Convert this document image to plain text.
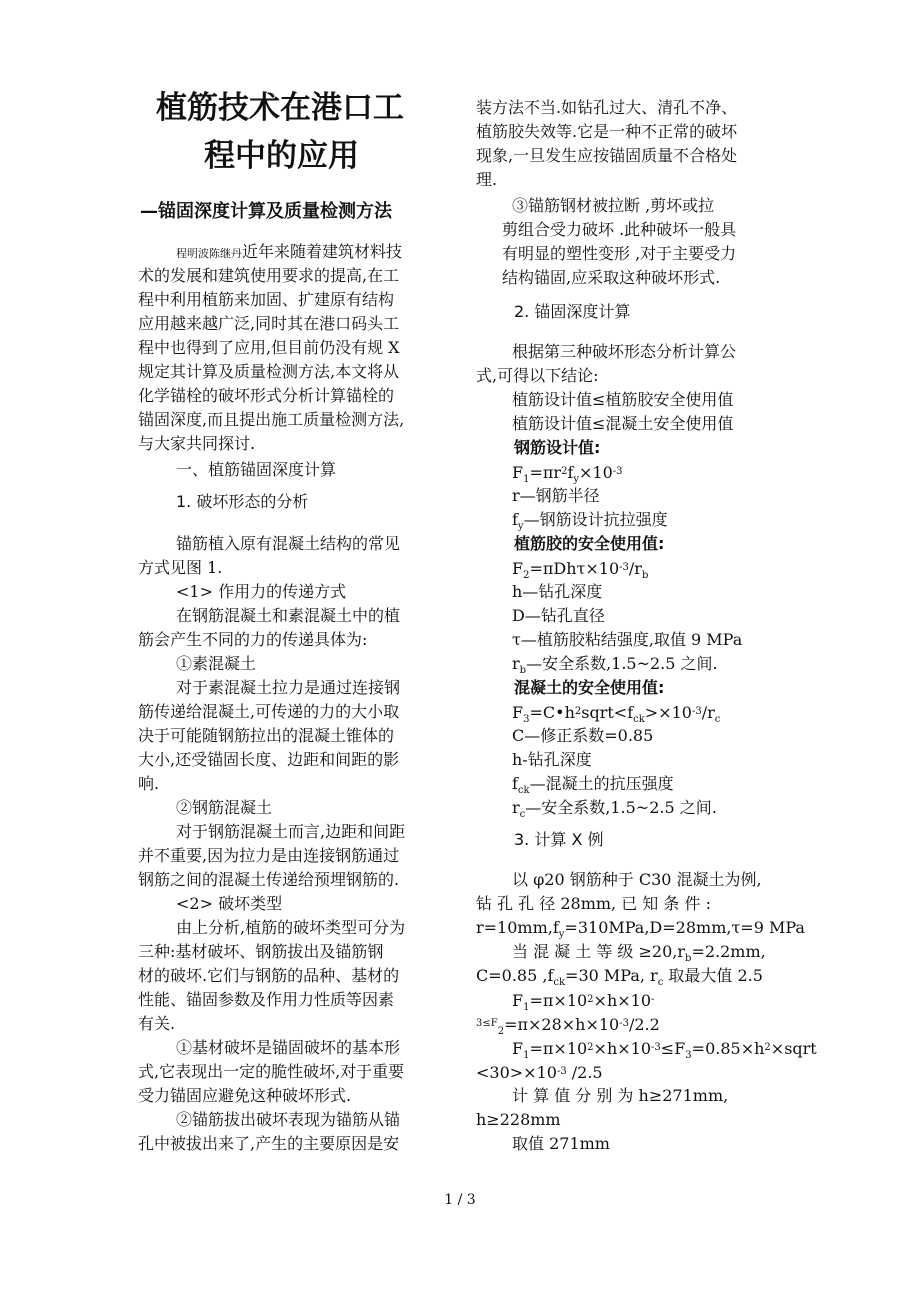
植筋技术在港口工
程中的应用
—锚固深度计算及质量检测方法
程明波陈继丹近年来随着建筑材料技
术的发展和建筑使用要求的提高,在工
程中利用植筋来加固、扩建原有结构
应用越来越广泛,同时其在港口码头工
程中也得到了应用,但目前仍没有规 X
规定其计算及质量检测方法,本文将从
化学锚栓的破坏形式分析计算锚栓的
锚固深度,而且提出施工质量检测方法,
与大家共同探讨.
一、植筋锚固深度计算
1. 破坏形态的分析
锚筋植入原有混凝土结构的常见
方式见图 1.
<1> 作用力的传递方式
在钢筋混凝土和素混凝土中的植
筋会产生不同的力的传递具体为:
①素混凝土
对于素混凝土拉力是通过连接钢
筋传递给混凝土,可传递的力的大小取
决于可能随钢筋拉出的混凝土锥体的
大小,还受锚固长度、边距和间距的影
响.
②钢筋混凝土
对于钢筋混凝土而言,边距和间距
并不重要,因为拉力是由连接钢筋通过
钢筋之间的混凝土传递给预埋钢筋的.
<2> 破坏类型
由上分析,植筋的破坏类型可分为
三种:基材破坏、钢筋拔出及锚筋钢
材的破坏.它们与钢筋的品种、基材的
性能、锚固参数及作用力性质等因素
有关.
①基材破坏是锚固破坏的基本形
式,它表现出一定的脆性破坏,对于重要
受力锚固应避免这种破坏形式.
②锚筋拔出破坏表现为锚筋从锚
孔中被拔出来了,产生的主要原因是安
装方法不当.如钻孔过大、清孔不净、
植筋胶失效等.它是一种不正常的破坏
现象,一旦发生应按锚固质量不合格处
理.
③锚筋钢材被拉断 ,剪坏或拉
剪组合受力破坏 .此种破坏一般具
有明显的塑性变形 ,对于主要受力
结构锚固,应采取这种破坏形式.
2. 锚固深度计算
根据第三种破坏形态分析计算公
式,可得以下结论:
植筋设计值≤植筋胶安全使用值
植筋设计值≤混凝土安全使用值
钢筋设计值:
$F_1=\pi r^2f_y\times 10^{-3}$
r—钢筋半径
$f_y—$钢筋设计抗拉强度
植筋胶的安全使用值:
$F_2=\pi Dh\tau\times 10^{-3}/r_b$
h—钻孔深度
D—钻孔直径
τ—植筋胶粘结强度,取值 9 MPa
$r_b—$安全系数,1.5~2.5 之间.
混凝土的安全使用值:
$F_3=C•h^2sqrt<f_{ck}>\times 10^{-3}/r_c$
C—修正系数=0.85
h-钻孔深度
$f_{ck}—$混凝土的抗压强度
$r_c—$安全系数,1.5~2.5 之间.
3. 计算 X 例
以 φ20 钢筋种于 C30 混凝土为例,
钻 孔 孔 径 28mm, 已 知 条 件 :
$r=10mm,f_y=310MPa,D=28mm,\tau=9$ MPa
当 混 凝 土 等 级 $\ge 20,r_b=2.2mm$,
C=0.85 $,f_{ck}=30$ MPa, $r_c$ 取最大值 2.5
$F_1=\pi\times 10^2\times h\times 10^-$
$^{3\le F}_2=\pi\times 28\times h\times 10^{-3}/2.2$
$F_1=\pi\times 10^2\times h\times 10^{-3}\le F_3=0.85\times h^2\times sqrt$
$<30>\times 10^{-3}$ /2.5
计 算 值 分 别 为 h≥271mm,
h≥228mm
取值 271mm
1 / 3
